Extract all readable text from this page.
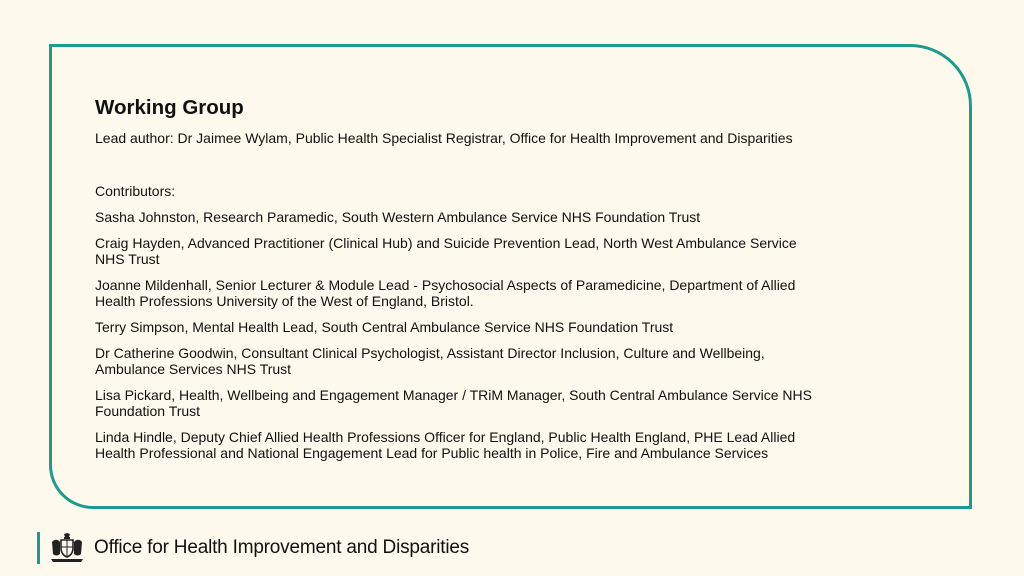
Working Group
Lead author: Dr Jaimee Wylam, Public Health Specialist Registrar, Office for Health Improvement and Disparities
Contributors:
Sasha Johnston, Research Paramedic, South Western Ambulance Service NHS Foundation Trust
Craig Hayden, Advanced Practitioner (Clinical Hub) and Suicide Prevention Lead, North West Ambulance Service NHS Trust
Joanne Mildenhall, Senior Lecturer & Module Lead - Psychosocial Aspects of Paramedicine, Department of Allied Health Professions University of the West of England, Bristol.
Terry Simpson, Mental Health Lead, South Central Ambulance Service NHS Foundation Trust
Dr Catherine Goodwin, Consultant Clinical Psychologist, Assistant Director Inclusion, Culture and Wellbeing, Ambulance Services NHS Trust
Lisa Pickard, Health, Wellbeing and Engagement Manager / TRiM Manager, South Central Ambulance Service NHS Foundation Trust
Linda Hindle, Deputy Chief Allied Health Professions Officer for England, Public Health England, PHE Lead Allied Health Professional and National Engagement Lead for Public health in Police, Fire and Ambulance Services
Office for Health Improvement and Disparities
